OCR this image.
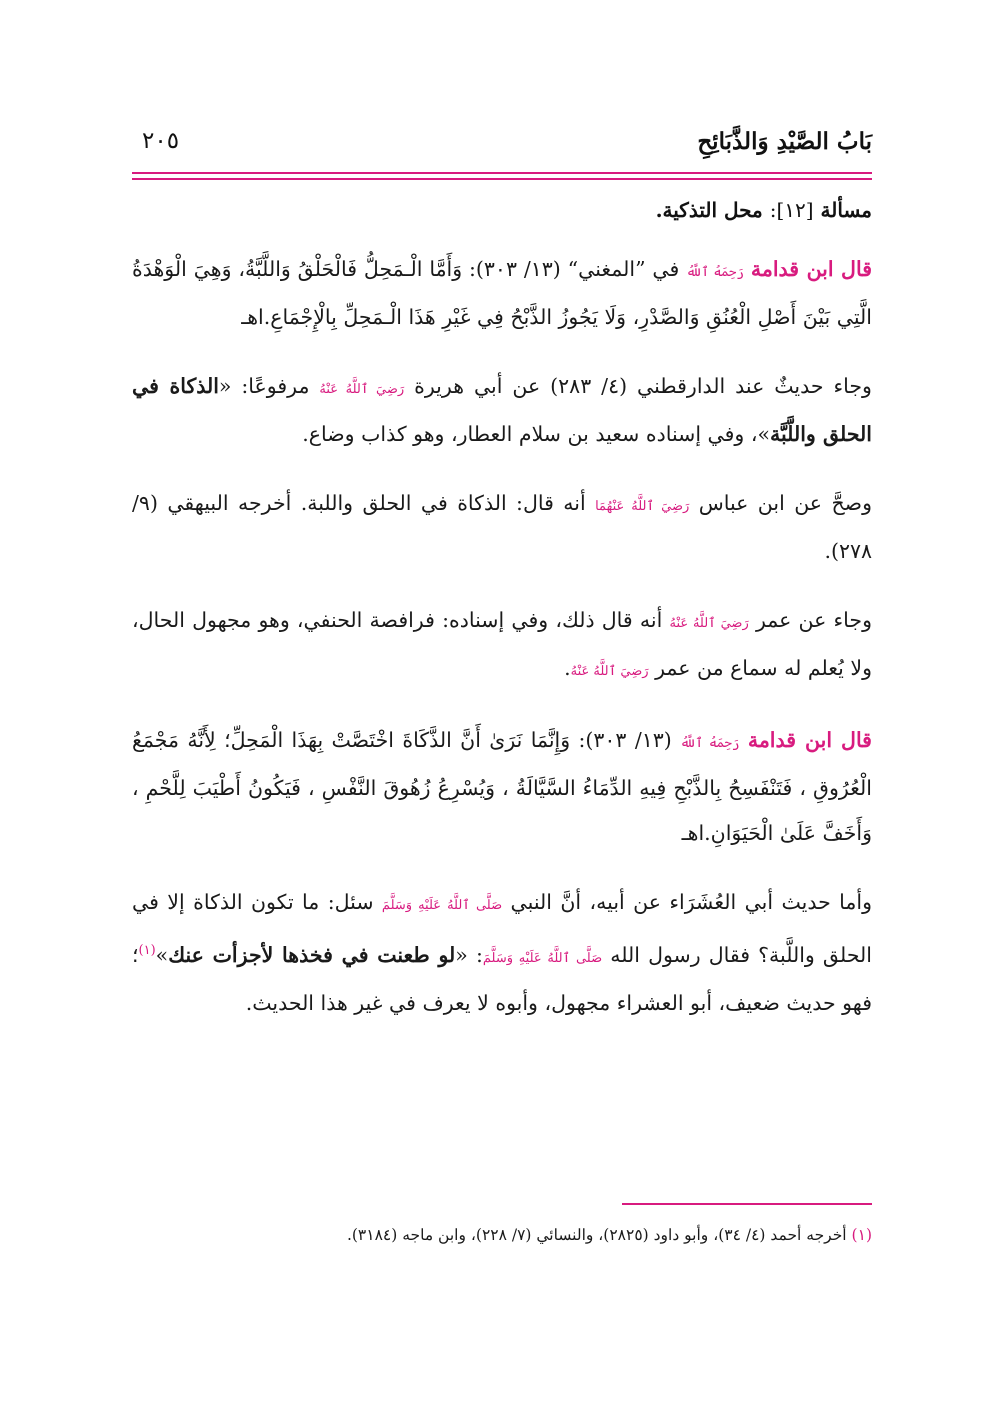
بَابُ الصَّيْدِ وَالذَّبَائِحِ
٢٠٥

مسألة [١٢]: محل التذكية.

قال ابن قدامة رَحِمَهُ ٱللَّهُ في ”المغني“ (١٣/ ٣٠٣): وَأَمَّا الْـمَحِلُّ فَالْحَلْقُ وَاللَّبَّةُ، وَهِيَ الْوَهْدَةُ الَّتِي بَيْنَ أَصْلِ الْعُنُقِ وَالصَّدْرِ، وَلَا يَجُوزُ الذَّبْحُ فِي غَيْرِ هَذَا الْـمَحِلِّ بِالْإِجْمَاعِ.اهـ

وجاء حديثٌ عند الدارقطني (٤/ ٢٨٣) عن أبي هريرة رَضِيَ ٱللَّهُ عَنْهُ مرفوعًا: «الذكاة في الحلق واللَّبَّة»، وفي إسناده سعيد بن سلام العطار، وهو كذاب وضاع.

وصحَّ عن ابن عباس رَضِيَ ٱللَّهُ عَنْهُمَا أنه قال: الذكاة في الحلق واللبة. أخرجه البيهقي (٩/ ٢٧٨).

وجاء عن عمر رَضِيَ ٱللَّهُ عَنْهُ أنه قال ذلك، وفي إسناده: فرافصة الحنفي، وهو مجهول الحال، ولا يُعلم له سماع من عمر رَضِيَ ٱللَّهُ عَنْهُ.

قال ابن قدامة رَحِمَهُ ٱللَّهُ (١٣/ ٣٠٣): وَإِنَّمَا نَرَىٰ أَنَّ الذَّكَاةَ اخْتَصَّتْ بِهَذَا الْمَحِلِّ؛ لِأَنَّهُ مَجْمَعُ الْعُرُوقِ ، فَتَنْفَسِحُ بِالذَّبْحِ فِيهِ الدِّمَاءُ السَّيَّالَةُ ، وَيُسْرِعُ زُهُوقَ النَّفْسِ ، فَيَكُونُ أَطْيَبَ لِلَّحْمِ ، وَأَخَفَّ عَلَىٰ الْحَيَوَانِ.اهـ

وأما حديث أبي العُشَرَاء عن أبيه، أنَّ النبي صَلَّى ٱللَّهُ عَلَيْهِ وَسَلَّمَ سئل: ما تكون الذكاة إلا في الحلق واللَّبة؟ فقال رسول الله صَلَّى ٱللَّهُ عَلَيْهِ وَسَلَّمَ: «لو طعنت في فخذها لأجزأت عنك»$^{(١)}$؛ فهو حديث ضعيف، أبو العشراء مجهول، وأبوه لا يعرف في غير هذا الحديث.

(١) أخرجه أحمد (٤/ ٣٤)، وأبو داود (٢٨٢٥)، والنسائي (٧/ ٢٢٨)، وابن ماجه (٣١٨٤).
